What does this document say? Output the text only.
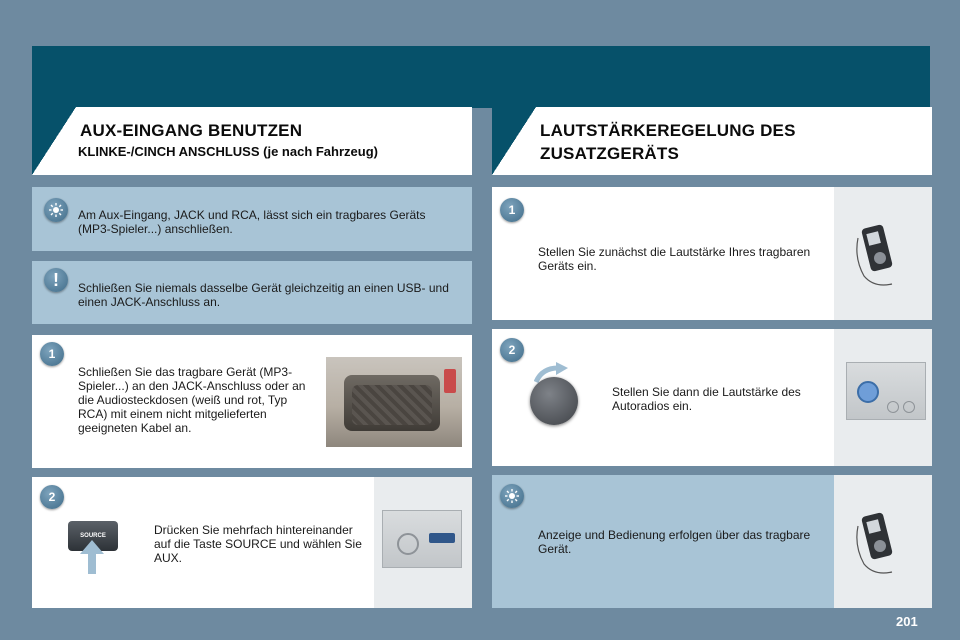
AUX-EINGANG BENUTZEN
KLINKE-/CINCH ANSCHLUSS (je nach Fahrzeug)
LAUTSTÄRKEREGELUNG DES
ZUSATZGERÄTS
Am Aux-Eingang, JACK und RCA, lässt sich ein tragbares Geräts (MP3-Spieler...) anschließen.
!	Schließen Sie niemals dasselbe Gerät gleichzeitig an einen USB- und einen JACK-Anschluss an.
1
Schließen Sie das tragbare Gerät (MP3-Spieler...) an den JACK-Anschluss oder an die Audiosteckdosen (weiß und rot, Typ RCA) mit einem nicht mitgelieferten geeigneten Kabel an.
2
SOURCE	Drücken Sie mehrfach hintereinander auf die Taste SOURCE und wählen Sie AUX.
1
Stellen Sie zunächst die Lautstärke Ihres tragbaren Geräts ein.
2
Stellen Sie dann die Lautstärke des Autoradios ein.
Anzeige und Bedienung erfolgen über das tragbare Gerät.
201
